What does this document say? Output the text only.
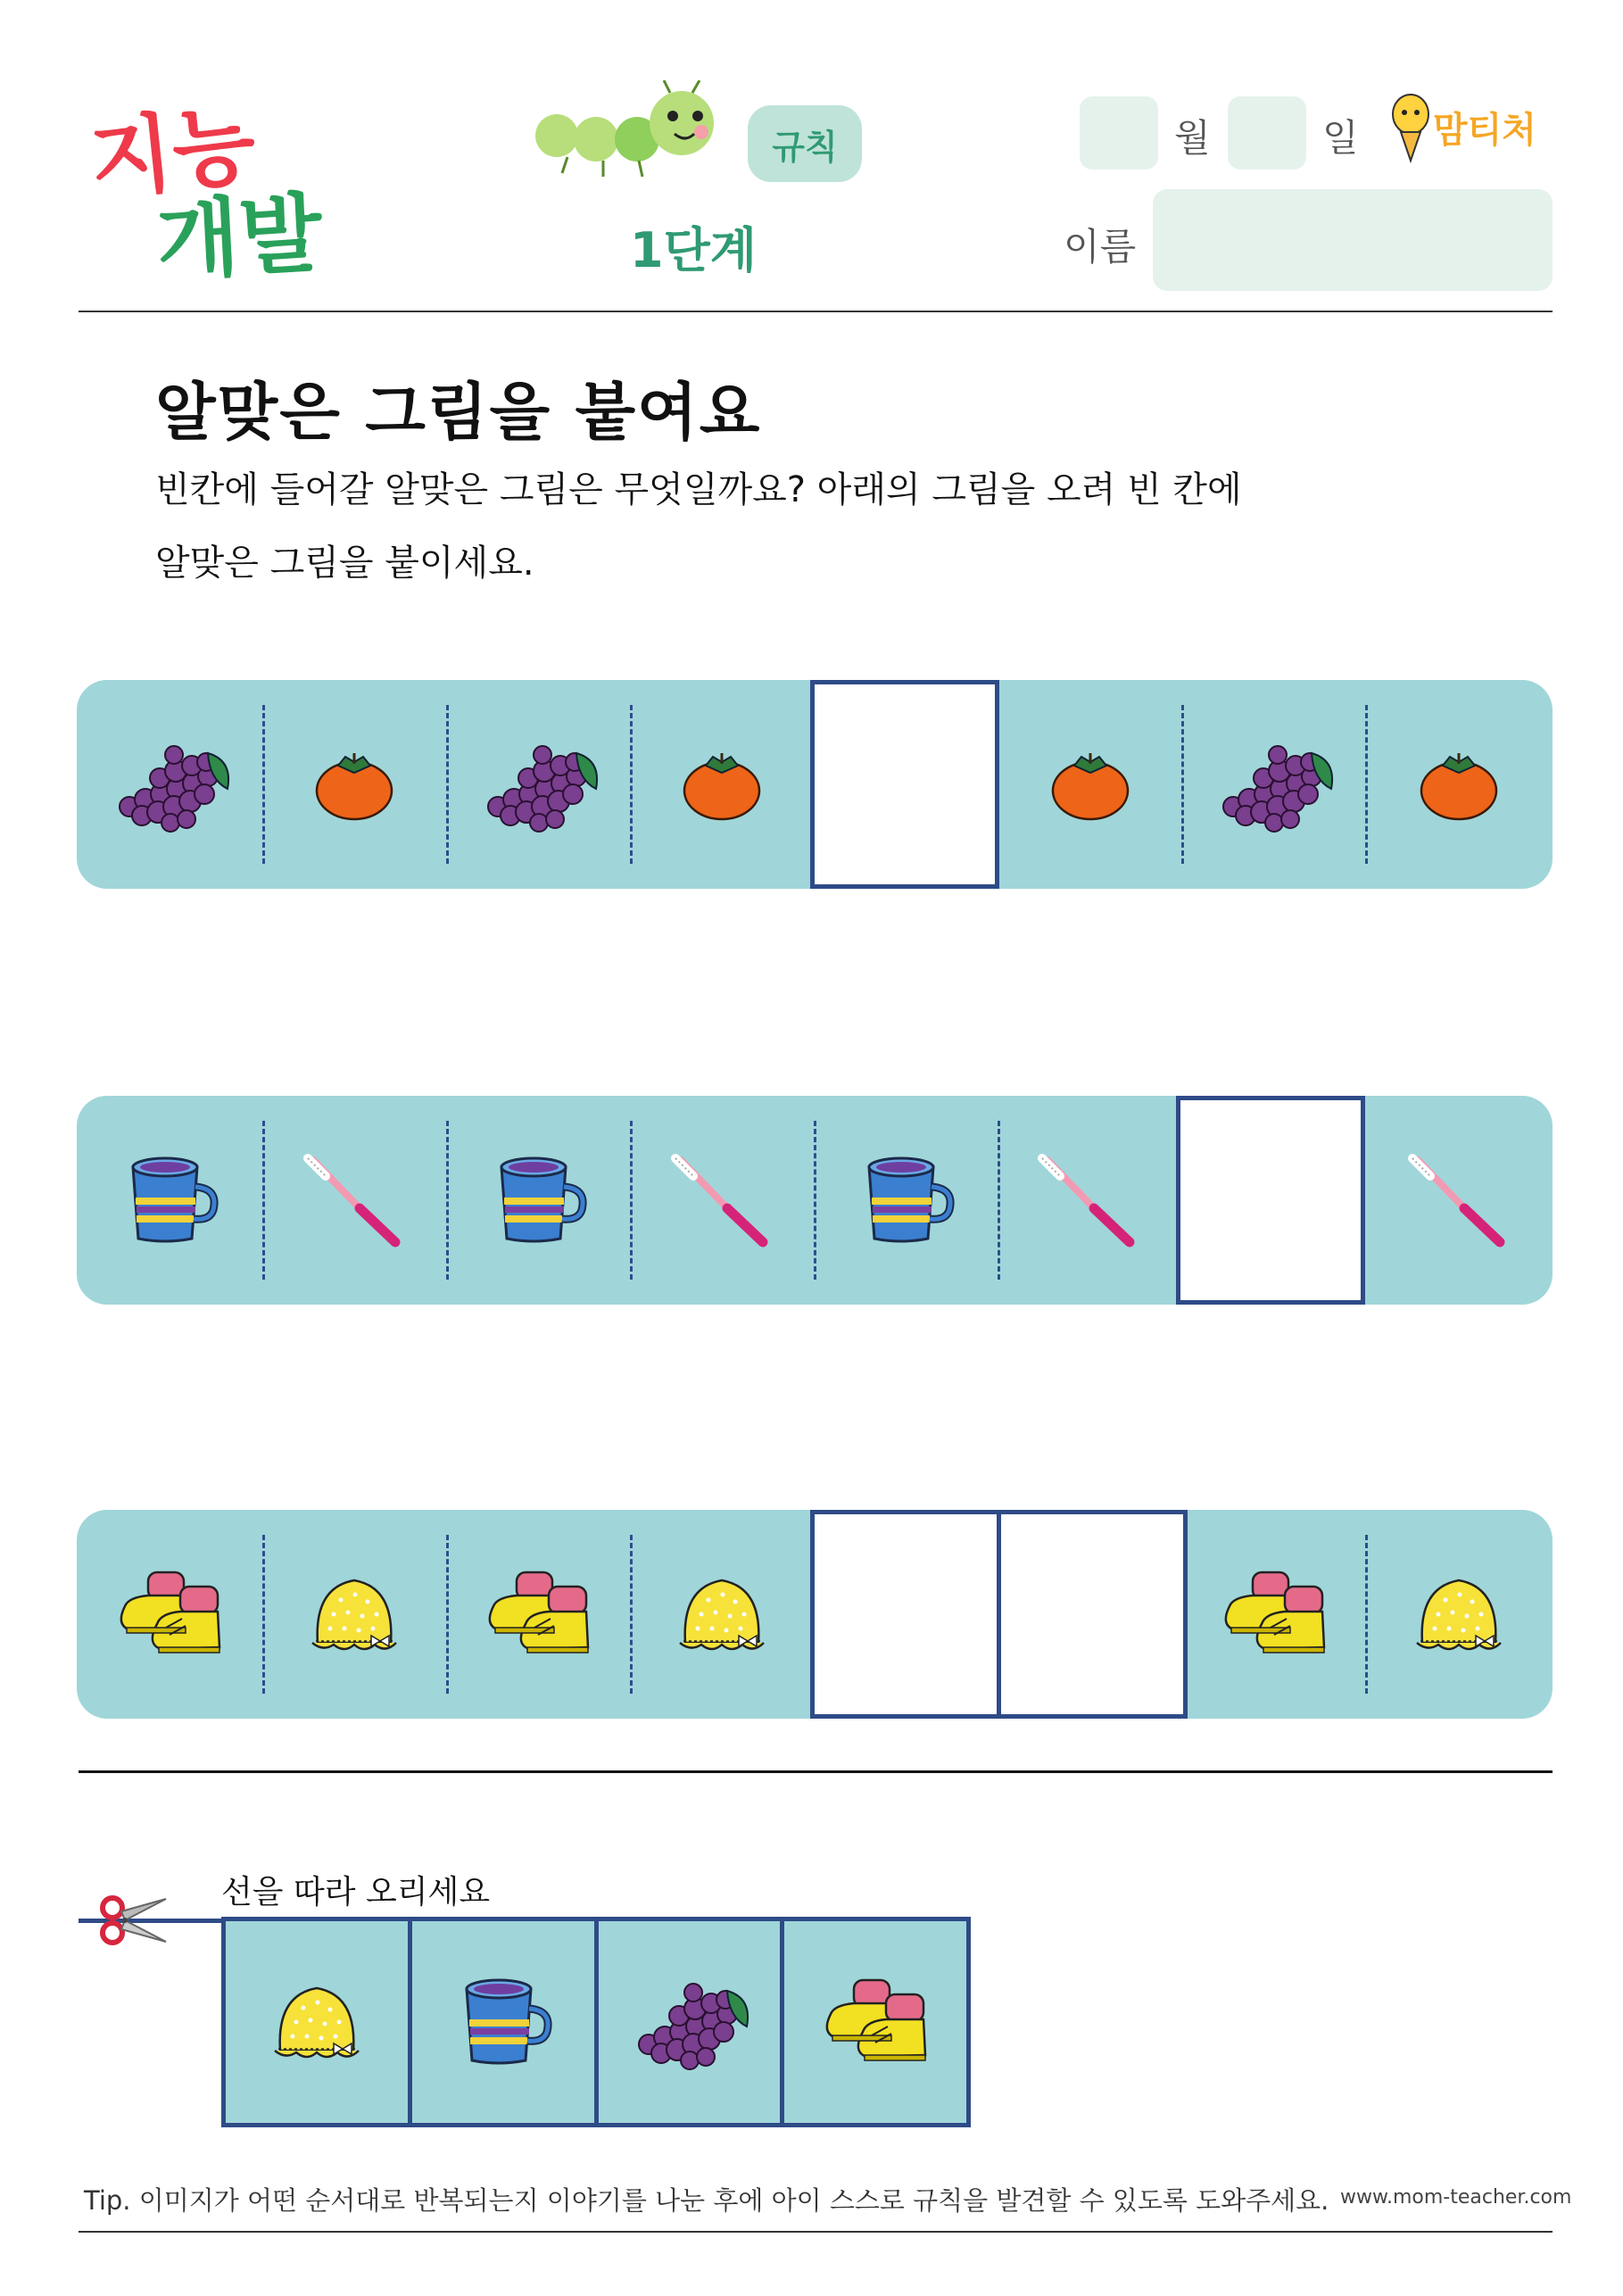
지능
개발
규칙
1단계
월	일 맘티처
이름
알맞은 그림을 붙여요
빈칸에 들어갈 알맞은 그림은 무엇일까요? 아래의 그림을 오려 빈 칸에
알맞은 그림을 붙이세요.
선을 따라 오리세요
Tip. 이미지가 어떤 순서대로 반복되는지 이야기를 나눈 후에 아이 스스로 규칙을 발견할 수 있도록 도와주세요. www.mom-teacher.com
